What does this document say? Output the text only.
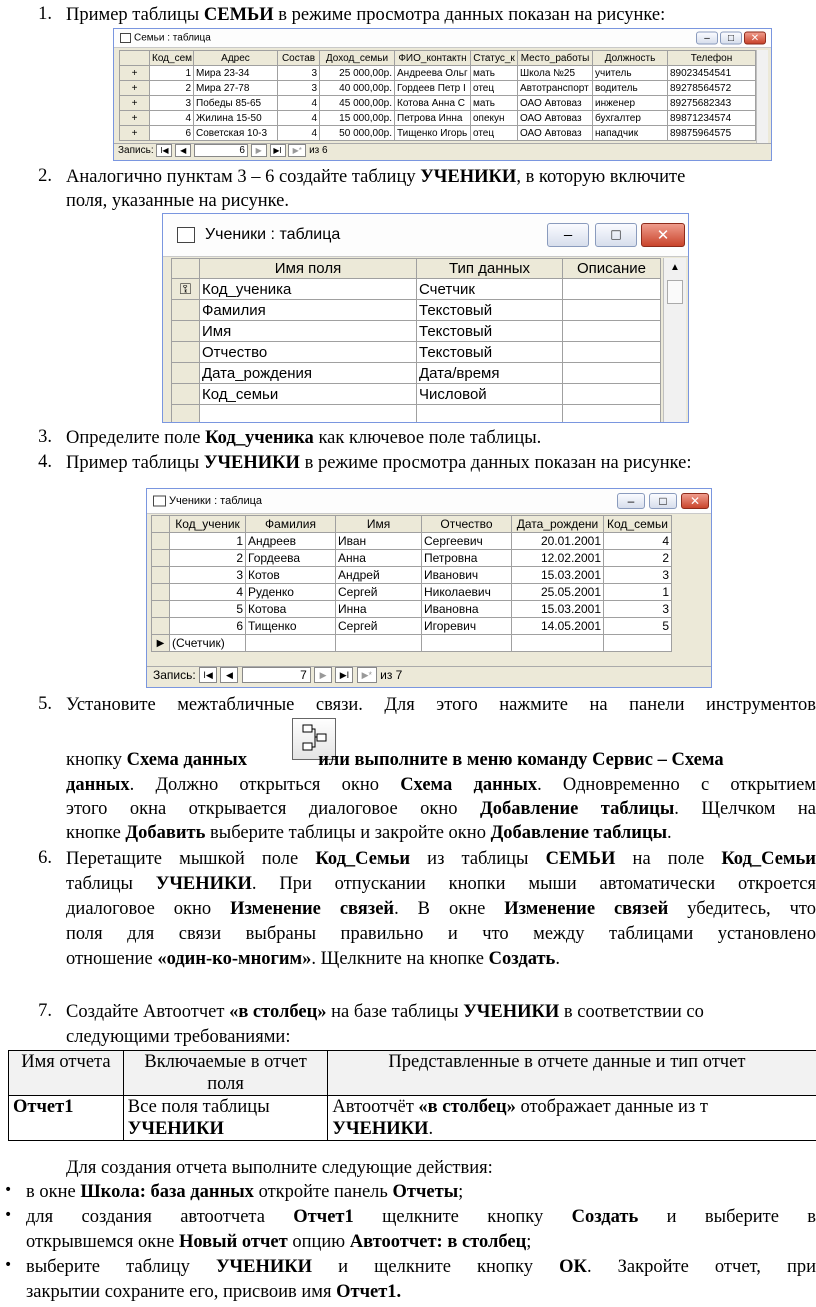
1. Пример таблицы СЕМЬИ в режиме просмотра данных показан на рисунке:
Семьи : таблица	–	□	✕
	Код_сем	Адрес	Состав	Доход_семьи	ФИО_контактн	Статус_к	Место_работы	Должность	Телефон
+	1	Мира 23-34	3	25 000,00р.	Андреева Ольг	мать	Школа №25	учитель	89023454541
+	2	Мира 27-78	3	40 000,00р.	Гордеев Петр I	отец	Автотранспорт	водитель	89278564572
+	3	Победы 85-65	4	45 000,00р.	Котова Анна С	мать	ОАО Автоваз	инженер	89275682343
+	4	Жилина 15-50	4	15 000,00р.	Петрова Инна	опекун	ОАО Автоваз	бухгалтер	89871234574
+	6	Советская 10-3	4	50 000,00р.	Тищенко Игорь	отец	ОАО Автоваз	нападчик	89875964575
Запись: I◀ ◀	6 ▶ ▶I ▶* из 6
2. Аналогично пунктам 3 – 6 создайте таблицу УЧЕНИКИ, в которую включите
поля, указанные на рисунке.
Ученики : таблица	–	□	✕
	Имя поля	Тип данных	Описание
⚿	Код_ученика	Счетчик	
	Фамилия	Текстовый	
	Имя	Текстовый	
	Отчество	Текстовый	
	Дата_рождения	Дата/время	
	Код_семьи	Числовой	

▲
3. Определите поле Код_ученика как ключевое поле таблицы.
4. Пример таблицы УЧЕНИКИ в режиме просмотра данных показан на рисунке:
Ученики : таблица	–	□	✕
	Код_ученик	Фамилия	Имя	Отчество	Дата_рождени	Код_семьи
	1	Андреев	Иван	Сергеевич	20.01.2001	4
	2	Гордеева	Анна	Петровна	12.02.2001	2
	3	Котов	Андрей	Иванович	15.03.2001	3
	4	Руденко	Сергей	Николаевич	25.05.2001	1
	5	Котова	Инна	Ивановна	15.03.2001	3
	6	Тищенко	Сергей	Игоревич	14.05.2001	5
▶	(Счетчик)					
Запись: I◀ ◀	7 ▶ ▶I ▶* из 7
5. Установите межтабличные связи. Для этого нажмите на панели инструментов
кнопку Схема данных	или выполните в меню команду Сервис – Схема
данных. Должно открыться окно Схема данных. Одновременно с открытием
этого окна открывается диалоговое окно Добавление таблицы. Щелчком на
кнопке Добавить выберите таблицы и закройте окно Добавление таблицы.
6. Перетащите мышкой поле Код_Семьи из таблицы СЕМЬИ на поле Код_Семьи
таблицы УЧЕНИКИ. При отпускании кнопки мыши автоматически откроется
диалоговое окно Изменение связей. В окне Изменение связей убедитесь, что
поля для связи выбраны правильно и что между таблицами установлено
отношение «один-ко-многим». Щелкните на кнопке Создать.
7. Создайте Автоотчет «в столбец» на базе таблицы УЧЕНИКИ в соответствии со
следующими требованиями:
Имя отчета	Включаемые в отчет поля	Представленные в отчете данные и тип отчет
Отчет1	Все поля таблицы
УЧЕНИКИ	Автоотчёт «в столбец» отображает данные из т
УЧЕНИКИ.
Для создания отчета выполните следующие действия:
• в окне Школа: база данных откройте панель Отчеты;
• для создания автоотчета Отчет1 щелкните кнопку Создать и выберите в
открывшемся окне Новый отчет опцию Автоотчет: в столбец;
• выберите таблицу УЧЕНИКИ и щелкните кнопку ОК. Закройте отчет, при
закрытии сохраните его, присвоив имя Отчет1.
